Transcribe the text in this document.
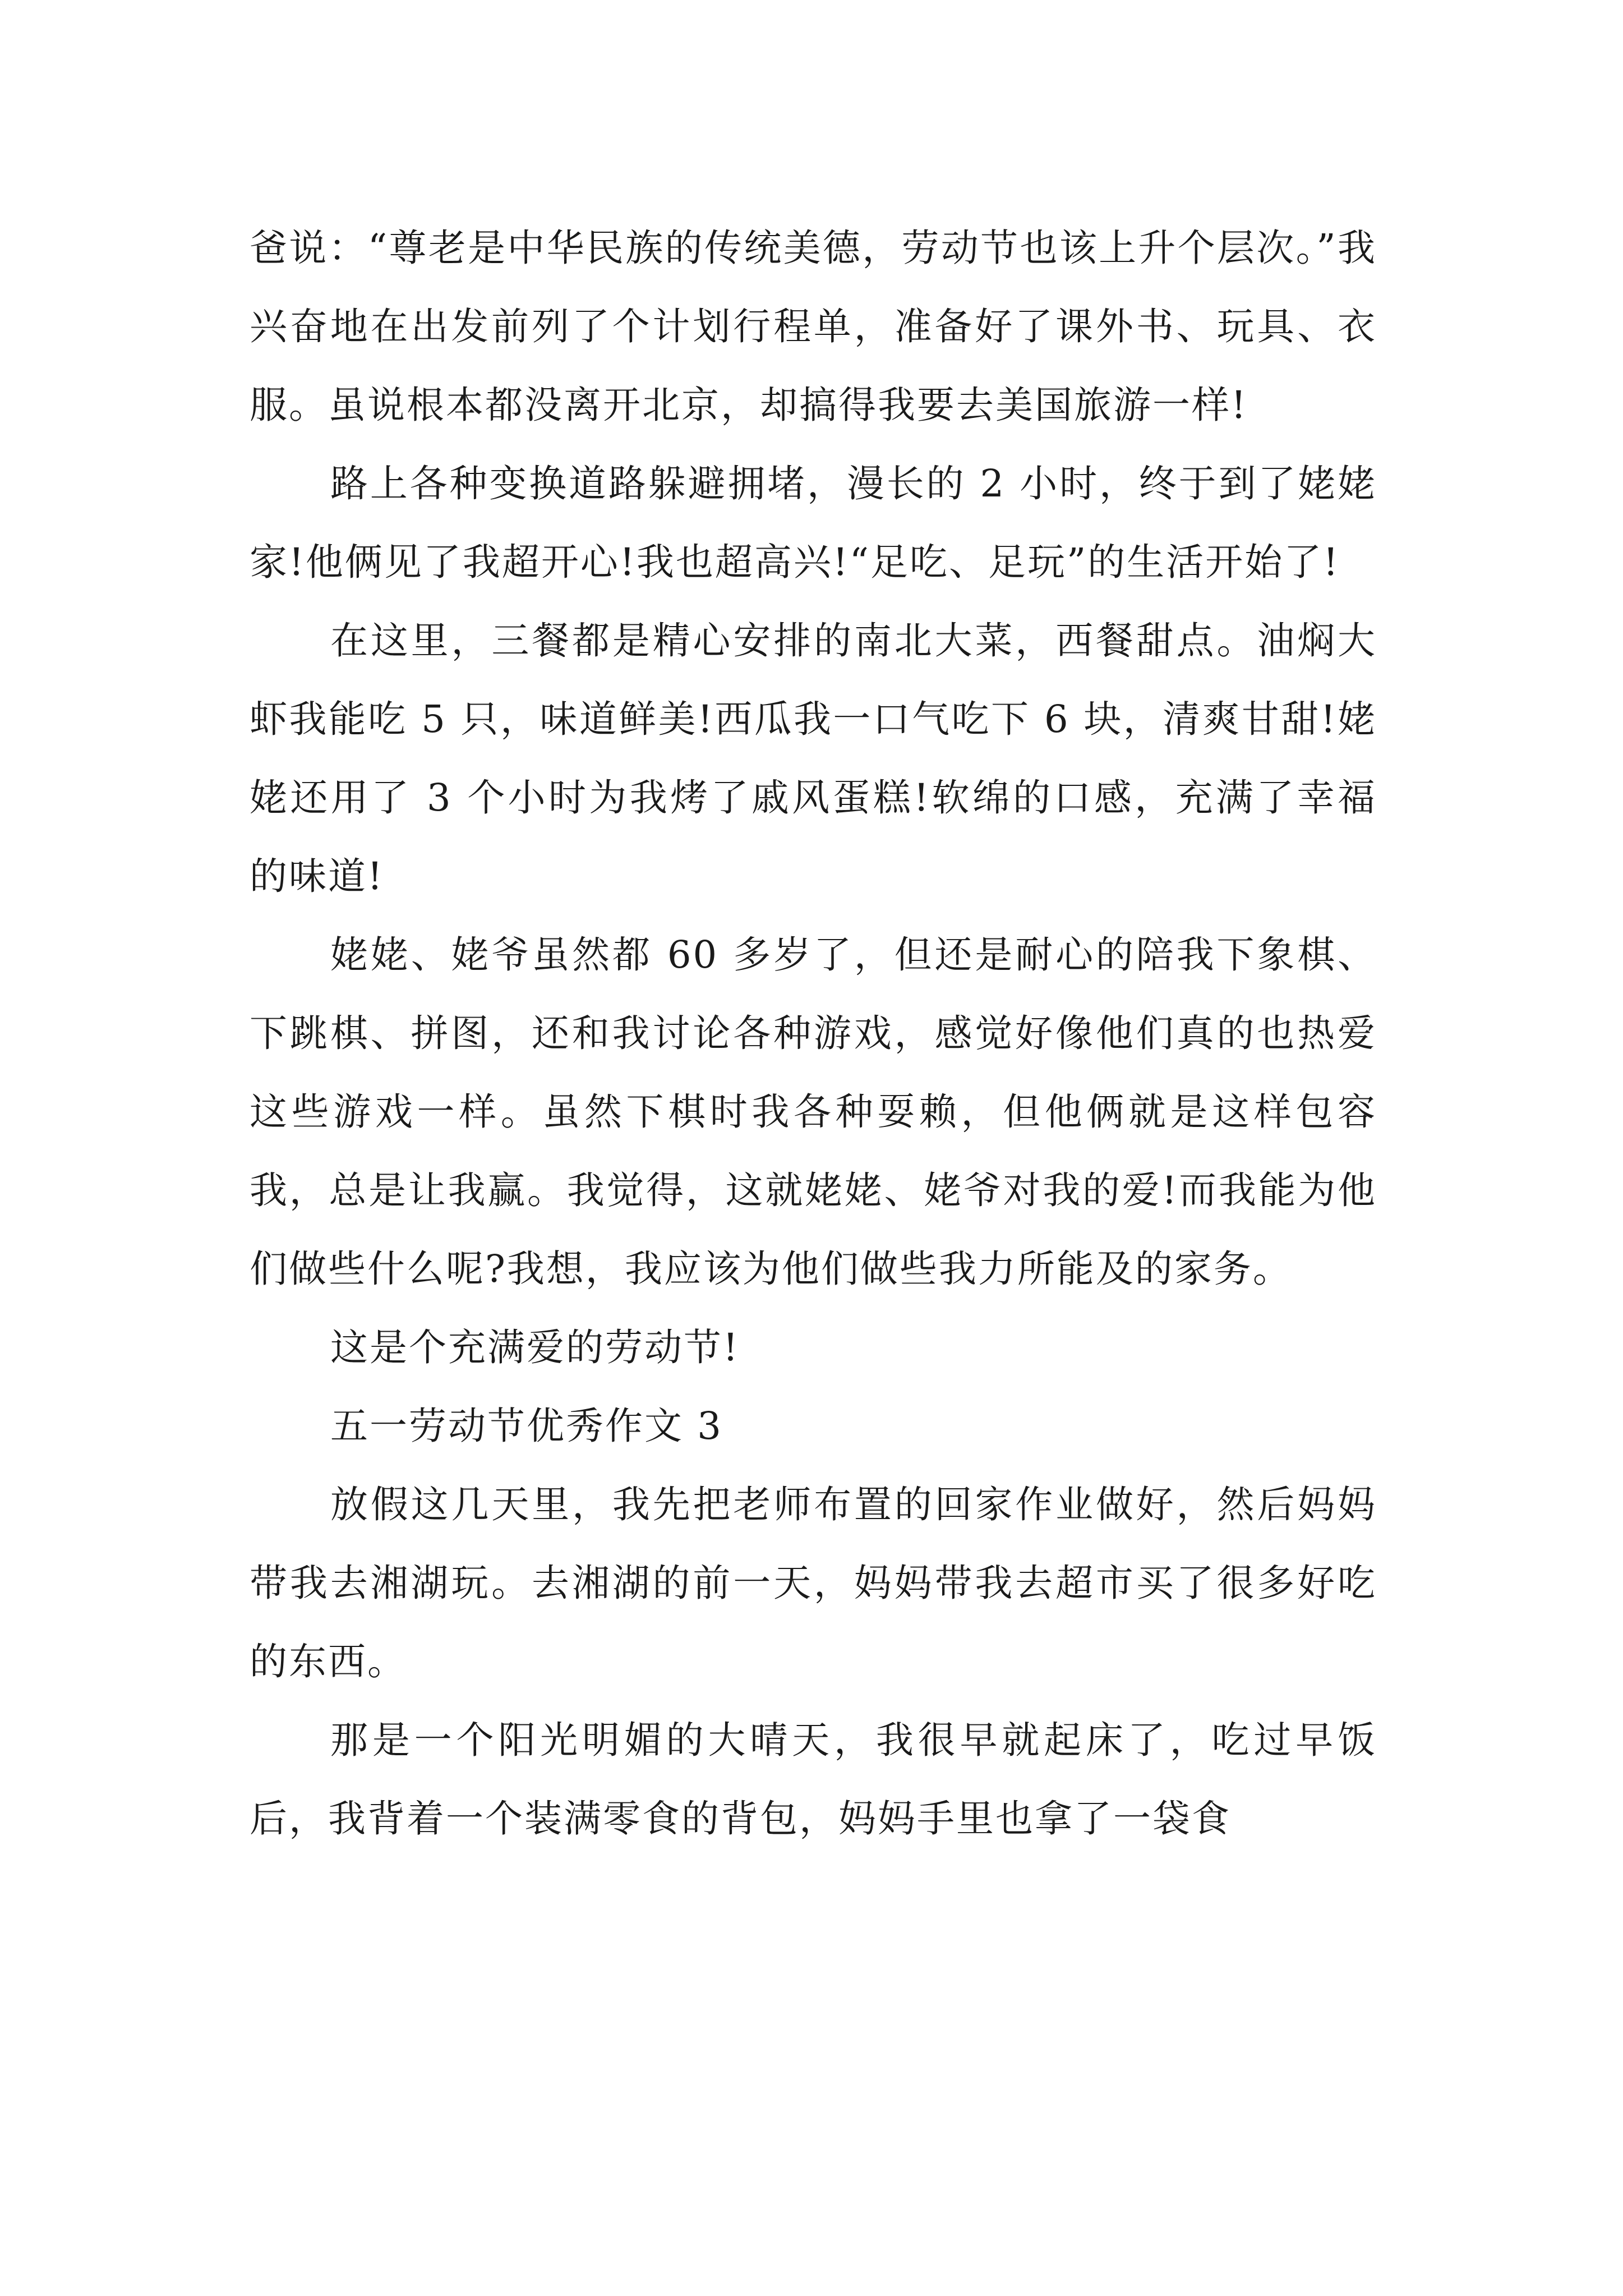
爸说：“尊老是中华民族的传统美德，劳动节也该上升个层次。”我兴奋地在出发前列了个计划行程单，准备好了课外书、玩具、衣服。虽说根本都没离开北京，却搞得我要去美国旅游一样!

路上各种变换道路躲避拥堵，漫长的 2 小时，终于到了姥姥家!他俩见了我超开心!我也超高兴!“足吃、足玩”的生活开始了!

在这里，三餐都是精心安排的南北大菜，西餐甜点。油焖大虾我能吃 5 只，味道鲜美!西瓜我一口气吃下 6 块，清爽甘甜!姥姥还用了 3 个小时为我烤了戚风蛋糕!软绵的口感，充满了幸福的味道!

姥姥、姥爷虽然都 60 多岁了，但还是耐心的陪我下象棋、下跳棋、拼图，还和我讨论各种游戏，感觉好像他们真的也热爱这些游戏一样。虽然下棋时我各种耍赖，但他俩就是这样包容我，总是让我赢。我觉得，这就姥姥、姥爷对我的爱!而我能为他们做些什么呢?我想，我应该为他们做些我力所能及的家务。

这是个充满爱的劳动节!

五一劳动节优秀作文 3

放假这几天里，我先把老师布置的回家作业做好，然后妈妈带我去湘湖玩。去湘湖的前一天，妈妈带我去超市买了很多好吃的东西。

那是一个阳光明媚的大晴天，我很早就起床了，吃过早饭后，我背着一个装满零食的背包，妈妈手里也拿了一袋食
